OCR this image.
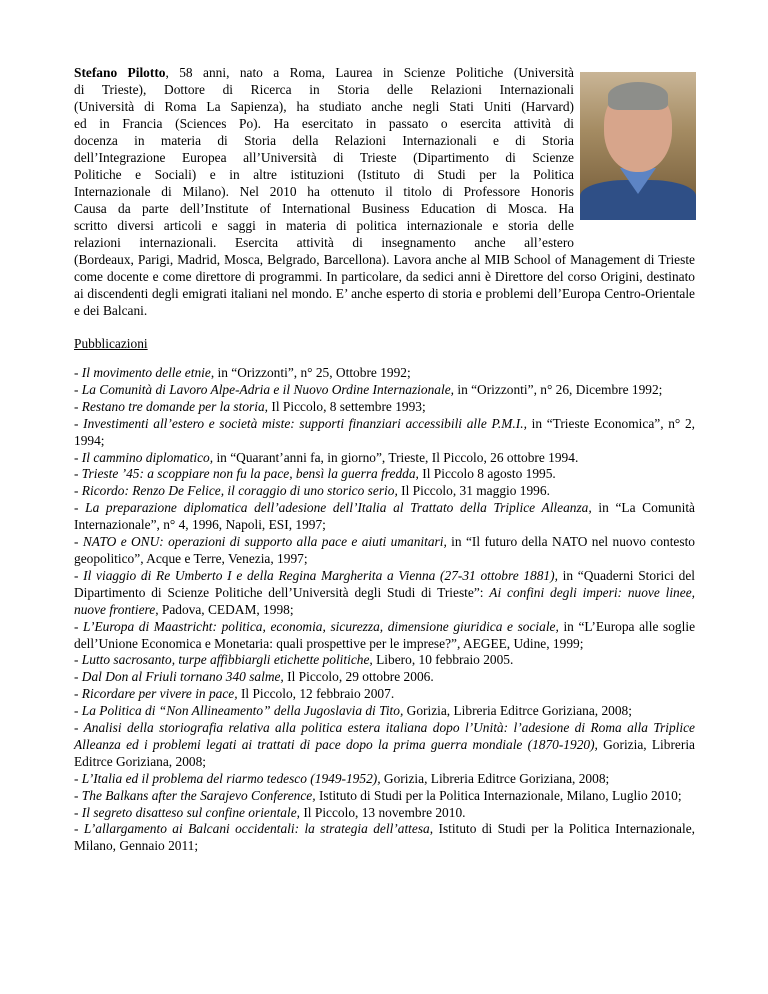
Stefano Pilotto, 58 anni, nato a Roma, Laurea in Scienze Politiche (Università
di Trieste), Dottore di Ricerca in Storia delle Relazioni Internazionali
(Università di Roma La Sapienza), ha studiato anche negli Stati Uniti (Harvard)
ed in Francia (Sciences Po). Ha esercitato in passato o esercita attività di
docenza in materia di Storia della Relazioni Internazionali e di Storia
dell’Integrazione Europea all’Università di Trieste (Dipartimento di Scienze
Politiche e Sociali) e in altre istituzioni (Istituto di Studi per la Politica
Internazionale di Milano). Nel 2010 ha ottenuto il titolo di Professore Honoris
Causa da parte dell’Institute of International Business Education di Mosca. Ha
scritto diversi articoli e saggi in materia di politica internazionale e storia delle
relazioni internazionali. Esercita attività di insegnamento anche all’estero
(Bordeaux, Parigi, Madrid, Mosca, Belgrado, Barcellona). Lavora anche al MIB School of Management di Trieste come docente e come direttore di programmi. In particolare, da sedici anni è Direttore del corso Origini, destinato ai discendenti degli emigrati italiani nel mondo. E’ anche esperto di storia e problemi dell’Europa Centro-Orientale e dei Balcani.

Pubblicazioni

- Il movimento delle etnie, in “Orizzonti”, n° 25, Ottobre 1992;

- La Comunità di Lavoro Alpe-Adria e il Nuovo Ordine Internazionale, in “Orizzonti”, n° 26, Dicembre 1992;

- Restano tre domande per la storia, Il Piccolo, 8 settembre 1993;

- Investimenti all’estero e società miste: supporti finanziari accessibili alle P.M.I., in “Trieste Economica”, n° 2, 1994;

- Il cammino diplomatico, in “Quarant’anni fa, in giorno”, Trieste, Il Piccolo, 26 ottobre 1994.

- Trieste ’45: a scoppiare non fu la pace, bensì la guerra fredda, Il Piccolo 8 agosto 1995.

- Ricordo: Renzo De Felice, il coraggio di uno storico serio, Il Piccolo, 31 maggio 1996.

- La preparazione diplomatica dell’adesione dell’Italia al Trattato della Triplice Alleanza, in “La Comunità Internazionale”, n° 4, 1996, Napoli, ESI, 1997;

- NATO e ONU: operazioni di supporto alla pace e aiuti umanitari, in “Il futuro della NATO nel nuovo contesto geopolitico”, Acque e Terre, Venezia, 1997;

- Il viaggio di Re Umberto I e della Regina Margherita a Vienna (27-31 ottobre 1881), in “Quaderni Storici del Dipartimento di Scienze Politiche dell’Università degli Studi di Trieste”: Ai confini degli imperi: nuove linee, nuove frontiere, Padova, CEDAM, 1998;

- L’Europa di Maastricht: politica, economia, sicurezza, dimensione giuridica e sociale, in “L’Europa alle soglie dell’Unione Economica e Monetaria: quali prospettive per le imprese?”, AEGEE, Udine, 1999;

- Lutto sacrosanto, turpe affibbiargli etichette politiche, Libero, 10 febbraio 2005.

- Dal Don al Friuli tornano 340 salme, Il Piccolo, 29 ottobre 2006.

- Ricordare per vivere in pace, Il Piccolo, 12 febbraio 2007.

- La Politica di “Non Allineamento” della Jugoslavia di Tito, Gorizia, Libreria Editrce Goriziana, 2008;

- Analisi della storiografia relativa alla politica estera italiana dopo l’Unità: l’adesione di Roma alla Triplice Alleanza ed i problemi legati ai trattati di pace dopo la prima guerra mondiale (1870-1920), Gorizia, Libreria Editrce Goriziana, 2008;

- L’Italia ed il problema del riarmo tedesco (1949-1952), Gorizia, Libreria Editrce Goriziana, 2008;

- The Balkans after the Sarajevo Conference, Istituto di Studi per la Politica Internazionale, Milano, Luglio 2010;

- Il segreto disatteso sul confine orientale, Il Piccolo, 13 novembre 2010.

- L’allargamento ai Balcani occidentali: la strategia dell’attesa, Istituto di Studi per la Politica Internazionale, Milano, Gennaio 2011;
